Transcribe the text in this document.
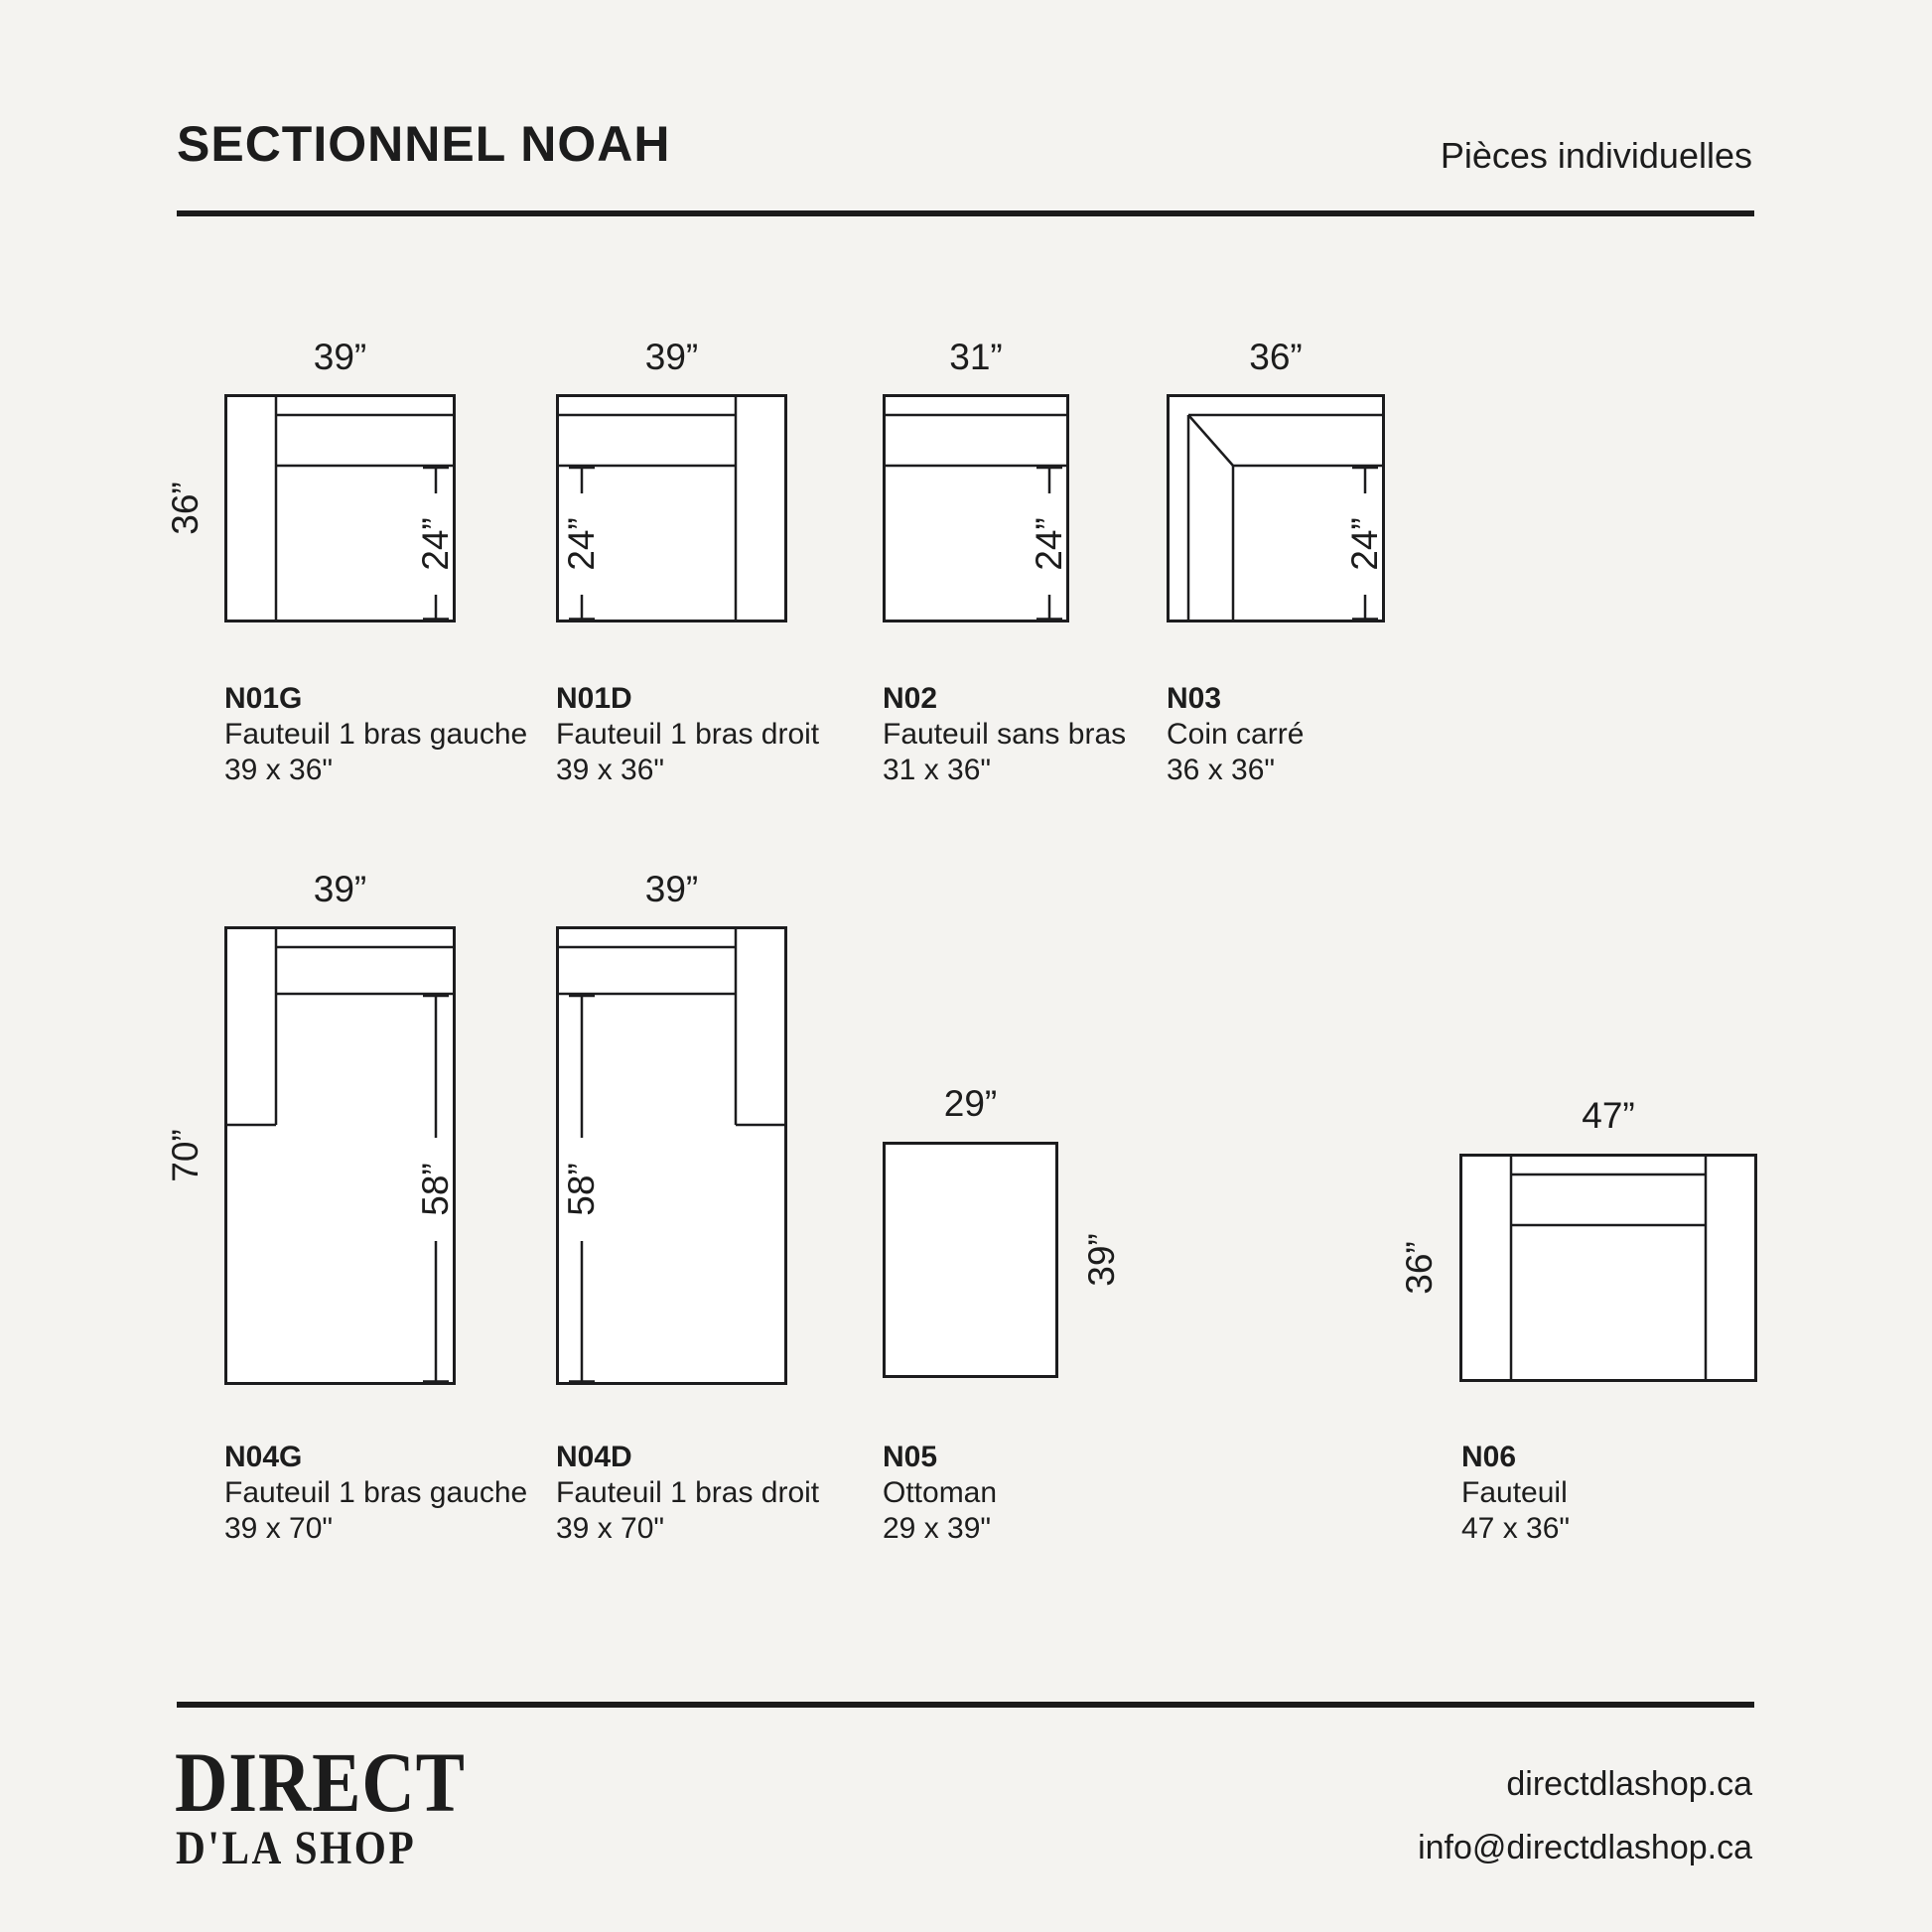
SECTIONNEL NOAH	Pièces individuelles
39”
36”
24”
N01G
Fauteuil 1 bras gauche
39 x 36"
39”
24”
N01D
Fauteuil 1 bras droit
39 x 36"
31”
24”
N02
Fauteuil sans bras
31 x 36"
36”
24”
N03
Coin carré
36 x 36"
39”
70”
58”
N04G
Fauteuil 1 bras gauche
39 x 70"
39”
58”
N04D
Fauteuil 1 bras droit
39 x 70"
29”
39”
N05
Ottoman
29 x 39"
47”
36”
N06
Fauteuil
47 x 36"
DIRECT
D'LA SHOP
directdlashop.ca
info@directdlashop.ca
